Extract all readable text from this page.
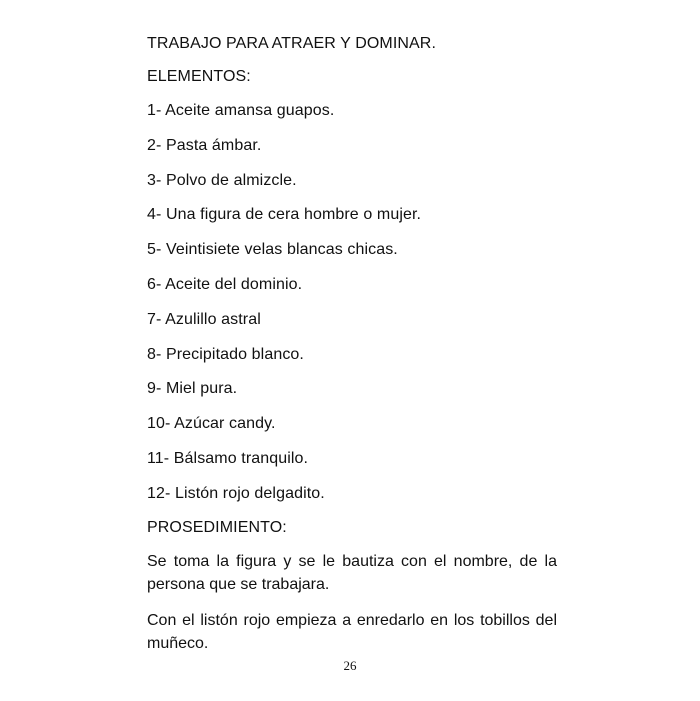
TRABAJO PARA ATRAER Y DOMINAR.
ELEMENTOS:
1- Aceite amansa guapos.
2- Pasta ámbar.
3- Polvo de almizcle.
4- Una figura de cera hombre o mujer.
5- Veintisiete velas blancas chicas.
6- Aceite del dominio.
7- Azulillo astral
8- Precipitado blanco.
9- Miel pura.
10- Azúcar candy.
11- Bálsamo tranquilo.
12- Listón rojo delgadito.
PROSEDIMIENTO:
Se toma la figura y se le bautiza con el nombre, de la persona que se trabajara.
Con el listón rojo empieza a enredarlo en los tobillos del muñeco.
26
